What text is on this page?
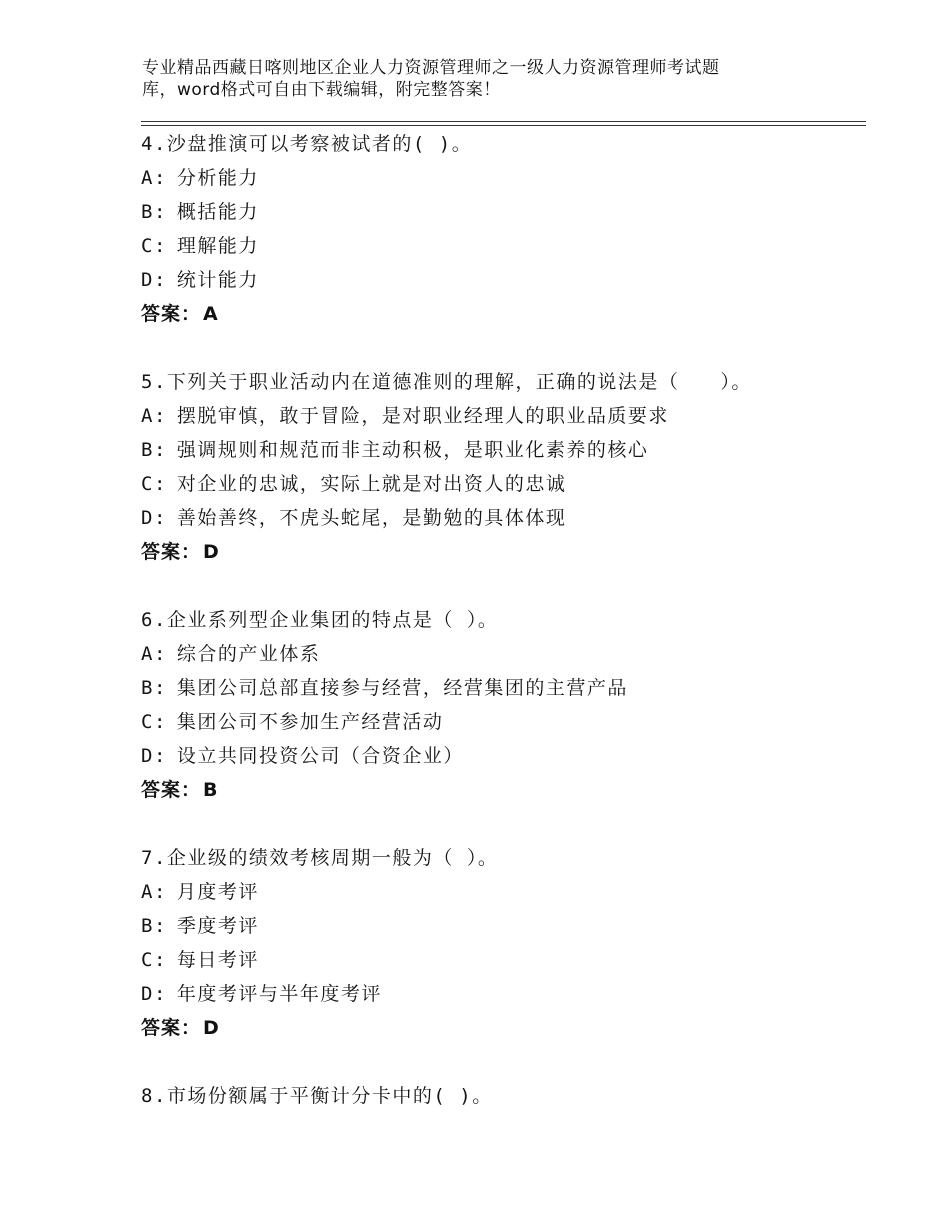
专业精品西藏日喀则地区企业人力资源管理师之一级人力资源管理师考试题
库，word格式可自由下载编辑，附完整答案！
4.沙盘推演可以考察被试者的( )。
A: 分析能力
B: 概括能力
C: 理解能力
D: 统计能力
答案： A
5.下列关于职业活动内在道德准则的理解，正确的说法是（　　）。
A: 摆脱审慎，敢于冒险，是对职业经理人的职业品质要求
B: 强调规则和规范而非主动积极，是职业化素养的核心
C: 对企业的忠诚，实际上就是对出资人的忠诚
D: 善始善终，不虎头蛇尾，是勤勉的具体体现
答案： D
6.企业系列型企业集团的特点是（ ）。
A: 综合的产业体系
B: 集团公司总部直接参与经营，经营集团的主营产品
C: 集团公司不参加生产经营活动
D: 设立共同投资公司（合资企业）
答案： B
7.企业级的绩效考核周期一般为（ ）。
A: 月度考评
B: 季度考评
C: 每日考评
D: 年度考评与半年度考评
答案： D
8.市场份额属于平衡计分卡中的( )。
